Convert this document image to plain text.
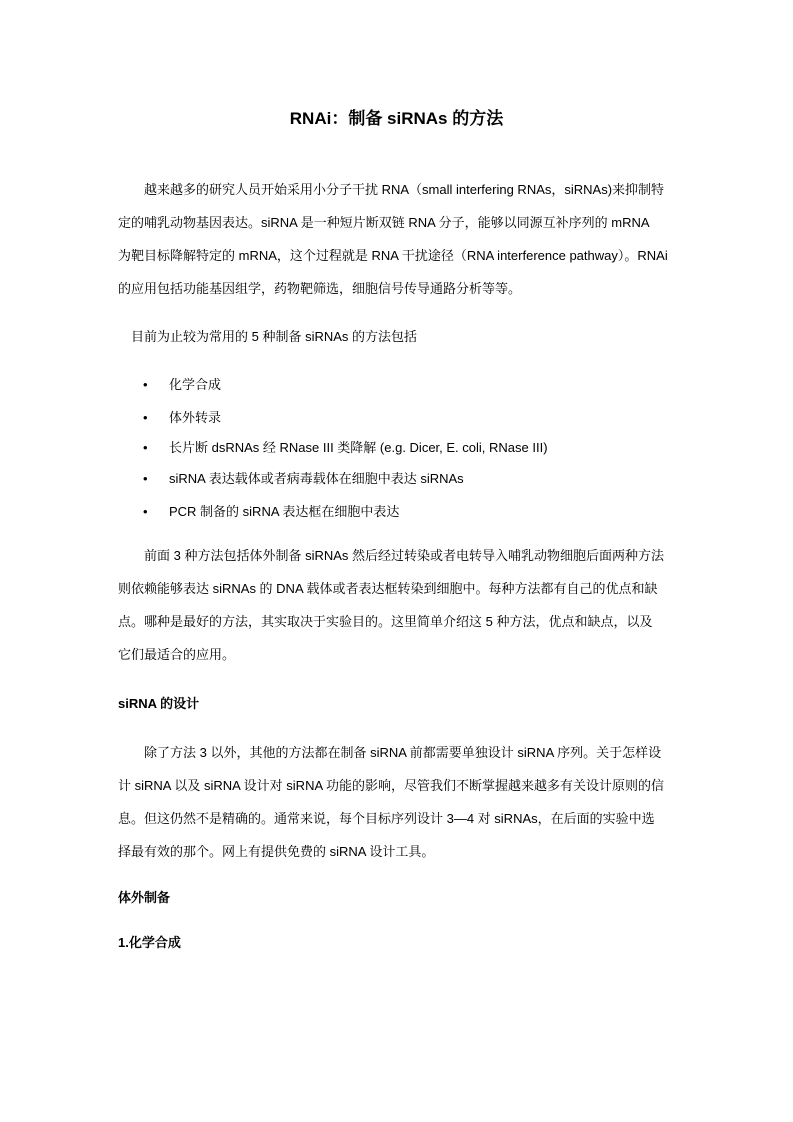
RNAi：制备 siRNAs 的方法
　　越来越多的研究人员开始采用小分子干扰 RNA（small interfering RNAs，siRNAs)来抑制特
定的哺乳动物基因表达。siRNA 是一种短片断双链 RNA 分子，能够以同源互补序列的 mRNA
为靶目标降解特定的 mRNA，这个过程就是 RNA 干扰途径（RNA interference pathway）。RNAi
的应用包括功能基因组学，药物靶筛选，细胞信号传导通路分析等等。
　目前为止较为常用的 5 种制备 siRNAs 的方法包括
• 化学合成
• 体外转录
• 长片断 dsRNAs 经 RNase III 类降解 (e.g. Dicer, E. coli, RNase III)
• siRNA 表达载体或者病毒载体在细胞中表达 siRNAs
• PCR 制备的 siRNA 表达框在细胞中表达
　　前面 3 种方法包括体外制备 siRNAs 然后经过转染或者电转导入哺乳动物细胞后面两种方法
则依赖能够表达 siRNAs 的 DNA 载体或者表达框转染到细胞中。每种方法都有自己的优点和缺
点。哪种是最好的方法，其实取决于实验目的。这里简单介绍这 5 种方法，优点和缺点，以及
它们最适合的应用。
siRNA 的设计
　　除了方法 3 以外，其他的方法都在制备 siRNA 前都需要单独设计 siRNA 序列。关于怎样设
计 siRNA 以及 siRNA 设计对 siRNA 功能的影响，尽管我们不断掌握越来越多有关设计原则的信
息。但这仍然不是精确的。通常来说，每个目标序列设计 3—4 对 siRNAs，在后面的实验中选
择最有效的那个。网上有提供免费的 siRNA 设计工具。
体外制备
1.化学合成
